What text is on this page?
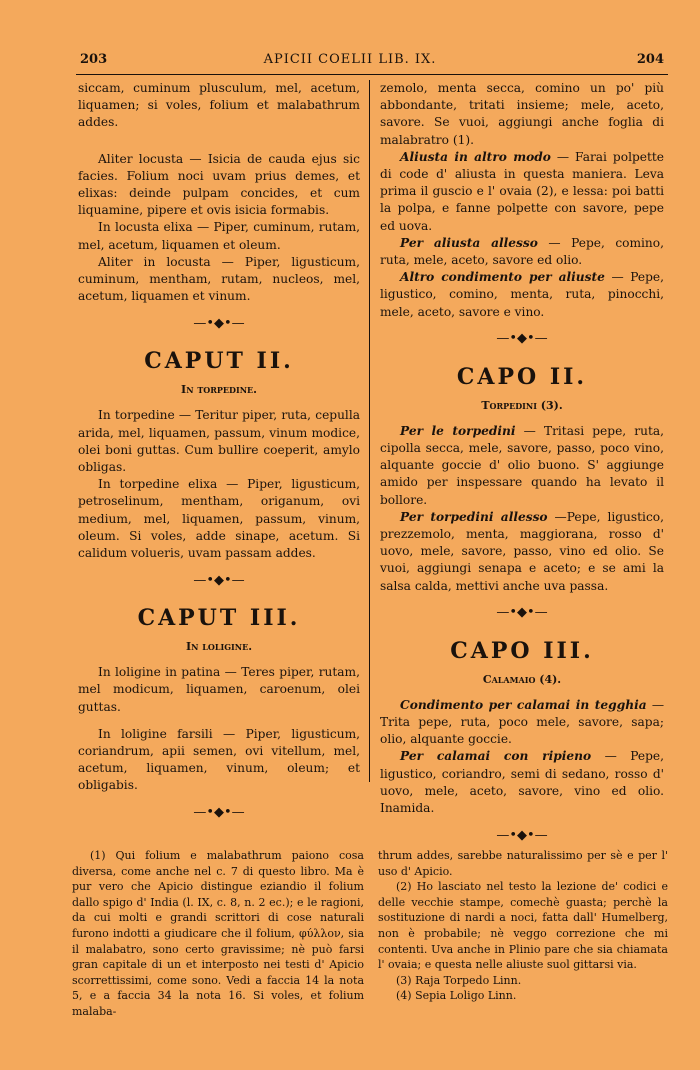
203	APICII COELII LIB. IX.	204

siccam, cuminum plusculum, mel, acetum, liquamen; si voles, folium et malabathrum addes.

Aliter locusta — Isicia de cauda ejus sic facies. Folium noci uvam prius demes, et elixas: deinde pulpam concides, et cum liquamine, pipere et ovis isicia formabis.

In locusta elixa — Piper, cuminum, rutam, mel, acetum, liquamen et oleum.

Aliter in locusta — Piper, ligusticum, cuminum, mentham, rutam, nucleos, mel, acetum, liquamen et vinum.

—•◆•—
CAPUT II.
In torpedine.

In torpedine — Teritur piper, ruta, cepulla arida, mel, liquamen, passum, vinum modice, olei boni guttas. Cum bullire coeperit, amylo obligas.

In torpedine elixa — Piper, ligusticum, petroselinum, mentham, origanum, ovi medium, mel, liquamen, passum, vinum, oleum. Si voles, adde sinape, acetum. Si calidum volueris, uvam passam addes.

—•◆•—
CAPUT III.
In loligine.

In loligine in patina — Teres piper, rutam, mel modicum, liquamen, caroenum, olei guttas.

In loligine farsili — Piper, ligusticum, coriandrum, apii semen, ovi vitellum, mel, acetum, liquamen, vinum, oleum; et obligabis.

—•◆•—

zemolo, menta secca, comino un po' più abbondante, tritati insieme; mele, aceto, savore. Se vuoi, aggiungi anche foglia di malabratro (1).

Aliusta in altro modo — Farai polpette di code d' aliusta in questa maniera. Leva prima il guscio e l' ovaia (2), e lessa: poi batti la polpa, e fanne polpette con savore, pepe ed uova.

Per aliusta allesso — Pepe, comino, ruta, mele, aceto, savore ed olio.

Altro condimento per aliuste — Pepe, ligustico, comino, menta, ruta, pinocchi, mele, aceto, savore e vino.

—•◆•—
CAPO II.
Torpedini (3).

Per le torpedini — Tritasi pepe, ruta, cipolla secca, mele, savore, passo, poco vino, alquante goccie d' olio buono. S' aggiunge amido per inspessare quando ha levato il bollore.

Per torpedini allesso —Pepe, ligustico, prezzemolo, menta, maggiorana, rosso d' uovo, mele, savore, passo, vino ed olio. Se vuoi, aggiungi senapa e aceto; e se ami la salsa calda, mettivi anche uva passa.

—•◆•—
CAPO III.
Calamaio (4).

Condimento per calamai in tegghia — Trita pepe, ruta, poco mele, savore, sapa; olio, alquante goccie.

Per calamai con ripieno — Pepe, ligustico, coriandro, semi di sedano, rosso d' uovo, mele, aceto, savore, vino ed olio. Inamida.

—•◆•—

(1) Qui folium e malabathrum paiono cosa diversa, come anche nel c. 7 di questo libro. Ma è pur vero che Apicio distingue eziandio il folium dallo spigo d' India (l. IX, c. 8, n. 2 ec.); e le ragioni, da cui molti e grandi scrittori di cose naturali furono indotti a giudicare che il folium, φύλλον, sia il malabatro, sono certo gravissime; nè può farsi gran capitale di un et interposto nei testi d' Apicio scorrettissimi, come sono. Vedi a faccia 14 la nota 5, e a faccia 34 la nota 16. Si voles, et folium malaba-

thrum addes, sarebbe naturalissimo per sè e per l' uso d' Apicio.

(2) Ho lasciato nel testo la lezione de' codici e delle vecchie stampe, comechè guasta; perchè la sostituzione di nardi a noci, fatta dall' Humelberg, non è probabile; nè veggo correzione che mi contenti. Uva anche in Plinio pare che sia chiamata l' ovaia; e questa nelle aliuste suol gittarsi via.

(3) Raja Torpedo Linn.

(4) Sepia Loligo Linn.
